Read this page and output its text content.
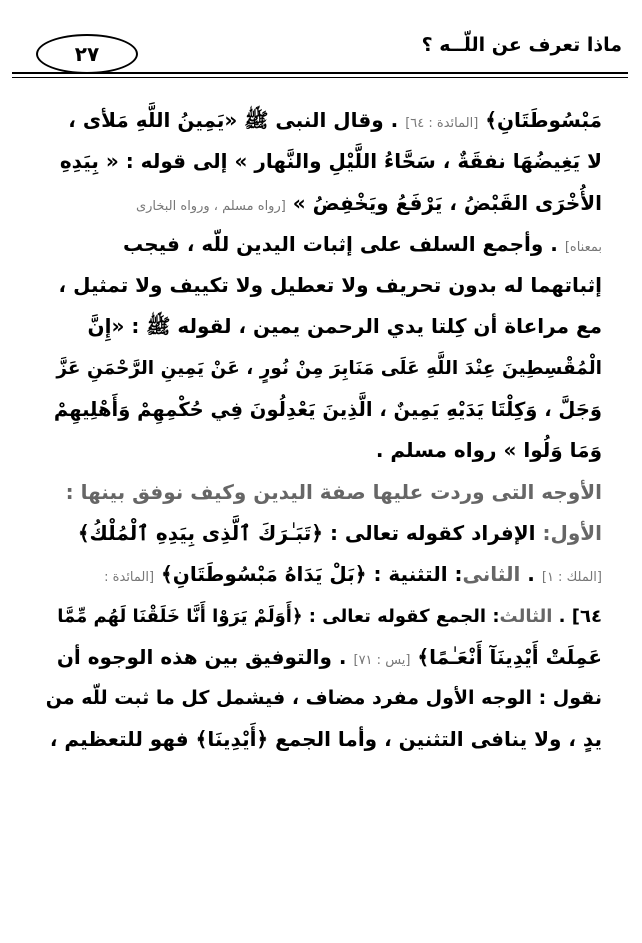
٢٧	ماذا تعرف عن اللّــه ؟
مَبْسُوطَتَانِ﴾ [المائدة : ٦٤] . وقال النبى ﷺ «يَمِينُ اللَّهِ مَلأى ،
لا يَغِيضُهَا نفقَةٌ ، سَحَّاءُ اللَّيْلِ والنَّهار » إلى قوله : « بِيَدِهِ
الأُخْرَى القَبْضُ ، يَرْفَعُ ويَخْفِضُ » [رواه مسلم ، ورواه البخارى
بمعناه] . وأجمع السلف على إثبات اليدين للّه ، فيجب
إثباتهما له بدون تحريف ولا تعطيل ولا تكييف ولا تمثيل ،
مع مراعاة أن كِلتا يدي الرحمن يمين ، لقوله ﷺ : «إِنَّ
الْمُقْسِطِينَ عِنْدَ اللَّهِ عَلَى مَنَابِرَ مِنْ نُورٍ ، عَنْ يَمِينِ الرَّحْمَنِ عَزَّ
وَجَلَّ ، وَكِلْتَا يَدَيْهِ يَمِينٌ ، الَّذِينَ يَعْدِلُونَ فِي حُكْمِهِمْ وَأَهْلِيهِمْ
وَمَا وَلُوا » رواه مسلم .
الأوجه التى وردت عليها صفة اليدين وكيف نوفق بينها :
الأول: الإفراد كقوله تعالى : ﴿تَبَـٰرَكَ ٱلَّذِى بِيَدِهِ ٱلْمُلْكُ﴾
[الملك : ١] . الثانى: التثنية : ﴿بَلْ يَدَاهُ مَبْسُوطَتَانِ﴾ [المائدة :
٦٤] . الثالث: الجمع كقوله تعالى : ﴿أَوَلَمْ يَرَوْا أَنَّا خَلَقْنَا لَهُم مِّمَّا
عَمِلَتْ أَيْدِينَآ أَنْعَـٰمًا﴾ [يس : ٧١] . والتوفيق بين هذه الوجوه أن
نقول : الوجه الأول مفرد مضاف ، فيشمل كل ما ثبت للّه من
يدٍ ، ولا ينافى التثنين ، وأما الجمع ﴿أَيْدِينَا﴾ فهو للتعظيم ،
